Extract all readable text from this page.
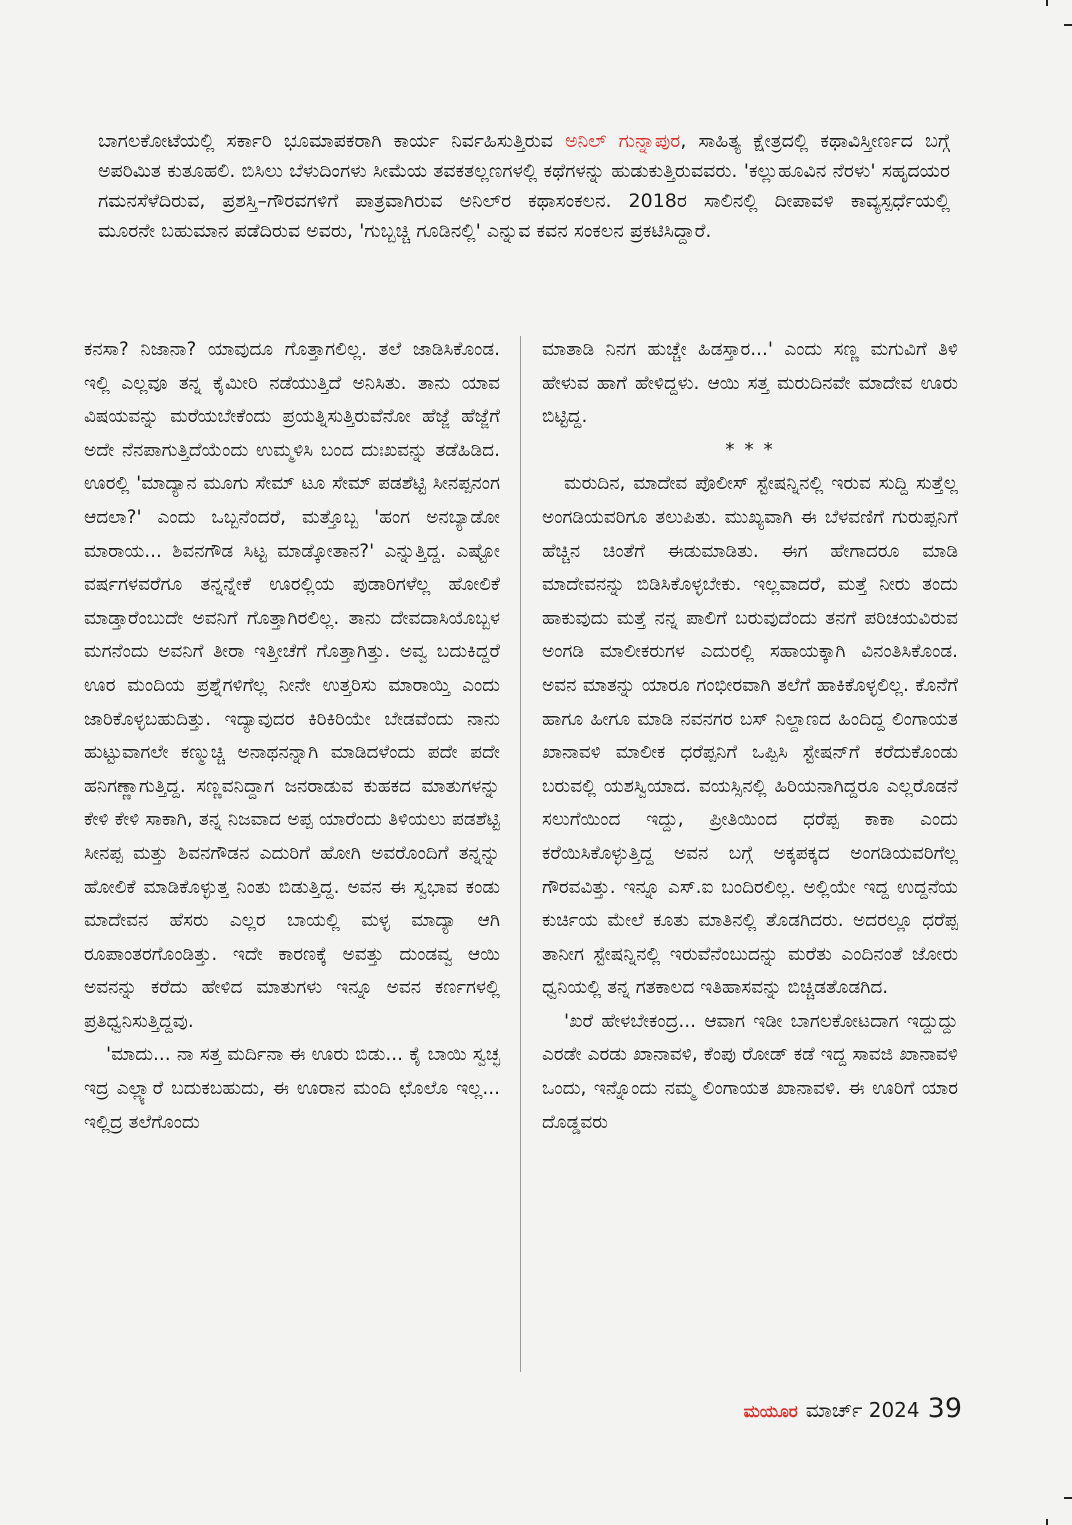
ಬಾಗಲಕೋಟೆಯಲ್ಲಿ ಸರ್ಕಾರಿ ಭೂಮಾಪಕರಾಗಿ ಕಾರ್ಯ ನಿರ್ವಹಿಸುತ್ತಿರುವ ಅನಿಲ್ ಗುನ್ನಾಪುರ, ಸಾಹಿತ್ಯ ಕ್ಷೇತ್ರದಲ್ಲಿ ಕಥಾವಿಸ್ತೀರ್ಣದ ಬಗ್ಗೆ ಅಪರಿಮಿತ ಕುತೂಹಲಿ. ಬಿಸಿಲು ಬೆಳುದಿಂಗಳು ಸೀಮೆಯ ತವಕತಲ್ಲಣಗಳಲ್ಲಿ ಕಥೆಗಳನ್ನು ಹುಡುಕುತ್ತಿರುವವರು. 'ಕಲ್ಲುಹೂವಿನ ನೆರಳು' ಸಹೃದಯರ ಗಮನಸೆಳೆದಿರುವ, ಪ್ರಶಸ್ತಿ–ಗೌರವಗಳಿಗೆ ಪಾತ್ರವಾಗಿರುವ ಅನಿಲ್‌ರ ಕಥಾಸಂಕಲನ. 2018ರ ಸಾಲಿನಲ್ಲಿ ದೀಪಾವಳಿ ಕಾವ್ಯಸ್ಪರ್ಧೆಯಲ್ಲಿ
ಮೂರನೇ ಬಹುಮಾನ ಪಡೆದಿರುವ ಅವರು, 'ಗುಬ್ಬಚ್ಚಿ ಗೂಡಿನಲ್ಲಿ' ಎನ್ನುವ ಕವನ ಸಂಕಲನ ಪ್ರಕಟಿಸಿದ್ದಾರೆ.

ಕನಸಾ? ನಿಜಾನಾ? ಯಾವುದೂ ಗೊತ್ತಾಗಲಿಲ್ಲ. ತಲೆ ಜಾಡಿಸಿಕೊಂಡ. ಇಲ್ಲಿ ಎಲ್ಲವೂ ತನ್ನ ಕೈಮೀರಿ ನಡೆಯುತ್ತಿದೆ ಅನಿಸಿತು. ತಾನು ಯಾವ ವಿಷಯವನ್ನು ಮರೆಯಬೇಕೆಂದು ಪ್ರಯತ್ನಿಸುತ್ತಿರುವೆನೋ ಹೆಜ್ಜೆ ಹೆಜ್ಜೆಗೆ ಅದೇ ನೆನಪಾಗುತ್ತಿದೆಯೆಂದು ಉಮ್ಮಳಿಸಿ ಬಂದ ದುಃಖವನ್ನು ತಡೆಹಿಡಿದ. ಊರಲ್ಲಿ 'ಮಾದ್ಯಾನ ಮೂಗು ಸೇಮ್ ಟೂ ಸೇಮ್ ಪಡಶೆಟ್ಟಿ ಸೀನಪ್ಪನಂಗ ಆದಲಾ?' ಎಂದು ಒಬ್ಬನೆಂದರೆ, ಮತ್ತೊಬ್ಬ 'ಹಂಗ ಅನಬ್ಯಾಡೋ ಮಾರಾಯ... ಶಿವನಗೌಡ ಸಿಟ್ಟ ಮಾಡ್ಕೋತಾನ?' ಎನ್ನುತ್ತಿದ್ದ. ಎಷ್ಟೋ ವರ್ಷಗಳವರೆಗೂ ತನ್ನನ್ನೇಕೆ ಊರಲ್ಲಿಯ ಪುಡಾರಿಗಳೆಲ್ಲ ಹೋಲಿಕೆ ಮಾಡ್ತಾರೆಂಬುದೇ ಅವನಿಗೆ ಗೊತ್ತಾಗಿರಲಿಲ್ಲ. ತಾನು ದೇವದಾಸಿಯೊಬ್ಬಳ ಮಗನೆಂದು ಅವನಿಗೆ ತೀರಾ ಇತ್ತೀಚೆಗೆ ಗೊತ್ತಾಗಿತ್ತು. ಅವ್ವ ಬದುಕಿದ್ದರೆ ಊರ ಮಂದಿಯ ಪ್ರಶ್ನೆಗಳಿಗೆಲ್ಲ ನೀನೇ ಉತ್ತರಿಸು ಮಾರಾಯ್ತಿ ಎಂದು ಜಾರಿಕೊಳ್ಳಬಹುದಿತ್ತು. ಇದ್ಯಾವುದರ ಕಿರಿಕಿರಿಯೇ ಬೇಡವೆಂದು ನಾನು ಹುಟ್ಟುವಾಗಲೇ ಕಣ್ಮುಚ್ಚಿ ಅನಾಥನನ್ನಾಗಿ ಮಾಡಿದಳೆಂದು ಪದೇ ಪದೇ ಹನಿಗಣ್ಣಾಗುತ್ತಿದ್ದ. ಸಣ್ಣವನಿದ್ದಾಗ ಜನರಾಡುವ ಕುಹಕದ ಮಾತುಗಳನ್ನು ಕೇಳಿ ಕೇಳಿ ಸಾಕಾಗಿ, ತನ್ನ ನಿಜವಾದ ಅಪ್ಪ ಯಾರೆಂದು ತಿಳಿಯಲು ಪಡಶೆಟ್ಟಿ ಸೀನಪ್ಪ ಮತ್ತು ಶಿವನಗೌಡನ ಎದುರಿಗೆ ಹೋಗಿ ಅವರೊಂದಿಗೆ ತನ್ನನ್ನು ಹೋಲಿಕೆ ಮಾಡಿಕೊಳ್ಳುತ್ತ ನಿಂತು ಬಿಡುತ್ತಿದ್ದ. ಅವನ ಈ ಸ್ವಭಾವ ಕಂಡು ಮಾದೇವನ ಹೆಸರು ಎಲ್ಲರ ಬಾಯಲ್ಲಿ ಮಳ್ಳ ಮಾದ್ಯಾ ಆಗಿ ರೂಪಾಂತರಗೊಂಡಿತ್ತು. ಇದೇ ಕಾರಣಕ್ಕೆ ಅವತ್ತು ದುಂಡವ್ವ ಆಯಿ ಅವನನ್ನು ಕರೆದು ಹೇಳಿದ ಮಾತುಗಳು ಇನ್ನೂ ಅವನ ಕರ್ಣಗಳಲ್ಲಿ ಪ್ರತಿಧ್ವನಿಸುತ್ತಿದ್ದವು.

'ಮಾದು... ನಾ ಸತ್ತ ಮರ್ದಿನಾ ಈ ಊರು ಬಿಡು... ಕೈ ಬಾಯಿ ಸ್ವಚ್ಛ ಇದ್ರ ಎಲ್ಲ್ಯಾರೆ ಬದುಕಬಹುದು, ಈ ಊರಾನ ಮಂದಿ ಛೊಲೊ ಇಲ್ಲ... ಇಲ್ಲಿದ್ರ ತಲೆಗೊಂದು

ಮಾತಾಡಿ ನಿನಗ ಹುಚ್ಚೇ ಹಿಡಸ್ತಾರ...' ಎಂದು ಸಣ್ಣ ಮಗುವಿಗೆ ತಿಳಿ ಹೇಳುವ ಹಾಗೆ ಹೇಳಿದ್ದಳು. ಆಯಿ ಸತ್ತ ಮರುದಿನವೇ ಮಾದೇವ ಊರು ಬಿಟ್ಟಿದ್ದ.

* * *

ಮರುದಿನ, ಮಾದೇವ ಪೊಲೀಸ್ ಸ್ಟೇಷನ್ನಿನಲ್ಲಿ ಇರುವ ಸುದ್ದಿ ಸುತ್ತೆಲ್ಲ ಅಂಗಡಿಯವರಿಗೂ ತಲುಪಿತು. ಮುಖ್ಯವಾಗಿ ಈ ಬೆಳವಣಿಗೆ ಗುರುಪ್ಪನಿಗೆ ಹೆಚ್ಚಿನ ಚಿಂತೆಗೆ ಈಡುಮಾಡಿತು. ಈಗ ಹೇಗಾದರೂ ಮಾಡಿ ಮಾದೇವನನ್ನು ಬಿಡಿಸಿಕೊಳ್ಳಬೇಕು. ಇಲ್ಲವಾದರೆ, ಮತ್ತೆ ನೀರು ತಂದು ಹಾಕುವುದು ಮತ್ತೆ ನನ್ನ ಪಾಲಿಗೆ ಬರುವುದೆಂದು ತನಗೆ ಪರಿಚಯವಿರುವ ಅಂಗಡಿ ಮಾಲೀಕರುಗಳ ಎದುರಲ್ಲಿ ಸಹಾಯಕ್ಕಾಗಿ ವಿನಂತಿಸಿಕೊಂಡ. ಅವನ ಮಾತನ್ನು ಯಾರೂ ಗಂಭೀರವಾಗಿ ತಲೆಗೆ ಹಾಕಿಕೊಳ್ಳಲಿಲ್ಲ. ಕೊನೆಗೆ ಹಾಗೂ ಹೀಗೂ ಮಾಡಿ ನವನಗರ ಬಸ್ ನಿಲ್ದಾಣದ ಹಿಂದಿದ್ದ ಲಿಂಗಾಯತ ಖಾನಾವಳಿ ಮಾಲೀಕ ಧರೆಪ್ಪನಿಗೆ ಒಪ್ಪಿಸಿ ಸ್ಟೇಷನ್‌ಗೆ ಕರೆದುಕೊಂಡು ಬರುವಲ್ಲಿ ಯಶಸ್ವಿಯಾದ. ವಯಸ್ಸಿನಲ್ಲಿ ಹಿರಿಯನಾಗಿದ್ದರೂ ಎಲ್ಲರೊಡನೆ ಸಲುಗೆಯಿಂದ ಇದ್ದು, ಪ್ರೀತಿಯಿಂದ ಧರೆಪ್ಪ ಕಾಕಾ ಎಂದು ಕರೆಯಿಸಿಕೊಳ್ಳುತ್ತಿದ್ದ ಅವನ ಬಗ್ಗೆ ಅಕ್ಕಪಕ್ಕದ ಅಂಗಡಿಯವರಿಗೆಲ್ಲ ಗೌರವವಿತ್ತು. ಇನ್ನೂ ಎಸ್.ಐ ಬಂದಿರಲಿಲ್ಲ. ಅಲ್ಲಿಯೇ ಇದ್ದ ಉದ್ದನೆಯ ಕುರ್ಚಿಯ ಮೇಲೆ ಕೂತು ಮಾತಿನಲ್ಲಿ ತೊಡಗಿದರು. ಅದರಲ್ಲೂ ಧರೆಪ್ಪ ತಾನೀಗ ಸ್ಟೇಷನ್ನಿನಲ್ಲಿ ಇರುವೆನೆಂಬುದನ್ನು ಮರೆತು ಎಂದಿನಂತೆ ಜೋರು ಧ್ವನಿಯಲ್ಲಿ ತನ್ನ ಗತಕಾಲದ ಇತಿಹಾಸವನ್ನು ಬಿಚ್ಚಿಡತೊಡಗಿದ.

'ಖರೆ ಹೇಳಬೇಕಂದ್ರ... ಆವಾಗ ಇಡೀ ಬಾಗಲಕೋಟದಾಗ ಇದ್ದುದ್ದು ಎರಡೇ ಎರಡು ಖಾನಾವಳಿ, ಕೆಂಪು ರೋಡ್ ಕಡೆ ಇದ್ದ ಸಾವಜಿ ಖಾನಾವಳಿ ಒಂದು, ಇನ್ನೊಂದು ನಮ್ಮ ಲಿಂಗಾಯತ ಖಾನಾವಳಿ. ಈ ಊರಿಗೆ ಯಾರ ದೊಡ್ಡವರು

ಮಯೂರ ಮಾರ್ಚ್ 2024 39
